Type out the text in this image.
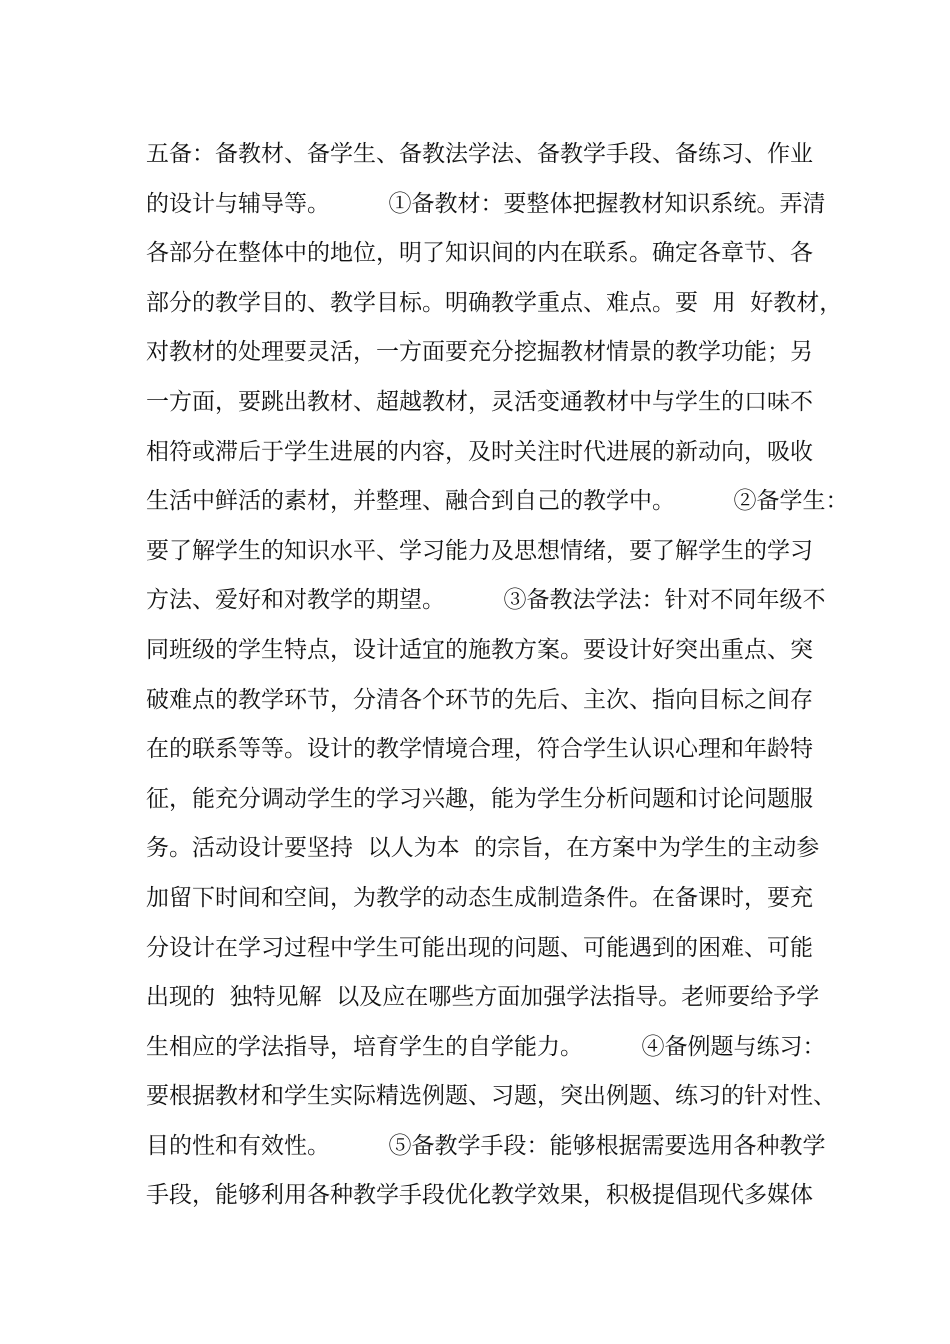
五备：备教材、备学生、备教法学法、备教学手段、备练习、作业
的设计与辅导等。        ①备教材：要整体把握教材知识系统。弄清
各部分在整体中的地位，明了知识间的内在联系。确定各章节、各
部分的教学目的、教学目标。明确教学重点、难点。要  用  好教材，
对教材的处理要灵活，一方面要充分挖掘教材情景的教学功能；另
一方面，要跳出教材、超越教材，灵活变通教材中与学生的口味不
相符或滞后于学生进展的内容，及时关注时代进展的新动向，吸收
生活中鲜活的素材，并整理、融合到自己的教学中。        ②备学生：
要了解学生的知识水平、学习能力及思想情绪，要了解学生的学习
方法、爱好和对教学的期望。        ③备教法学法：针对不同年级不
同班级的学生特点，设计适宜的施教方案。要设计好突出重点、突
破难点的教学环节，分清各个环节的先后、主次、指向目标之间存
在的联系等等。设计的教学情境合理，符合学生认识心理和年龄特
征，能充分调动学生的学习兴趣，能为学生分析问题和讨论问题服
务。活动设计要坚持  以人为本  的宗旨，在方案中为学生的主动参
加留下时间和空间，为教学的动态生成制造条件。在备课时，要充
分设计在学习过程中学生可能出现的问题、可能遇到的困难、可能
出现的  独特见解  以及应在哪些方面加强学法指导。老师要给予学
生相应的学法指导，培育学生的自学能力。        ④备例题与练习：
要根据教材和学生实际精选例题、习题，突出例题、练习的针对性、
目的性和有效性。        ⑤备教学手段：能够根据需要选用各种教学
手段，能够利用各种教学手段优化教学效果，积极提倡现代多媒体
